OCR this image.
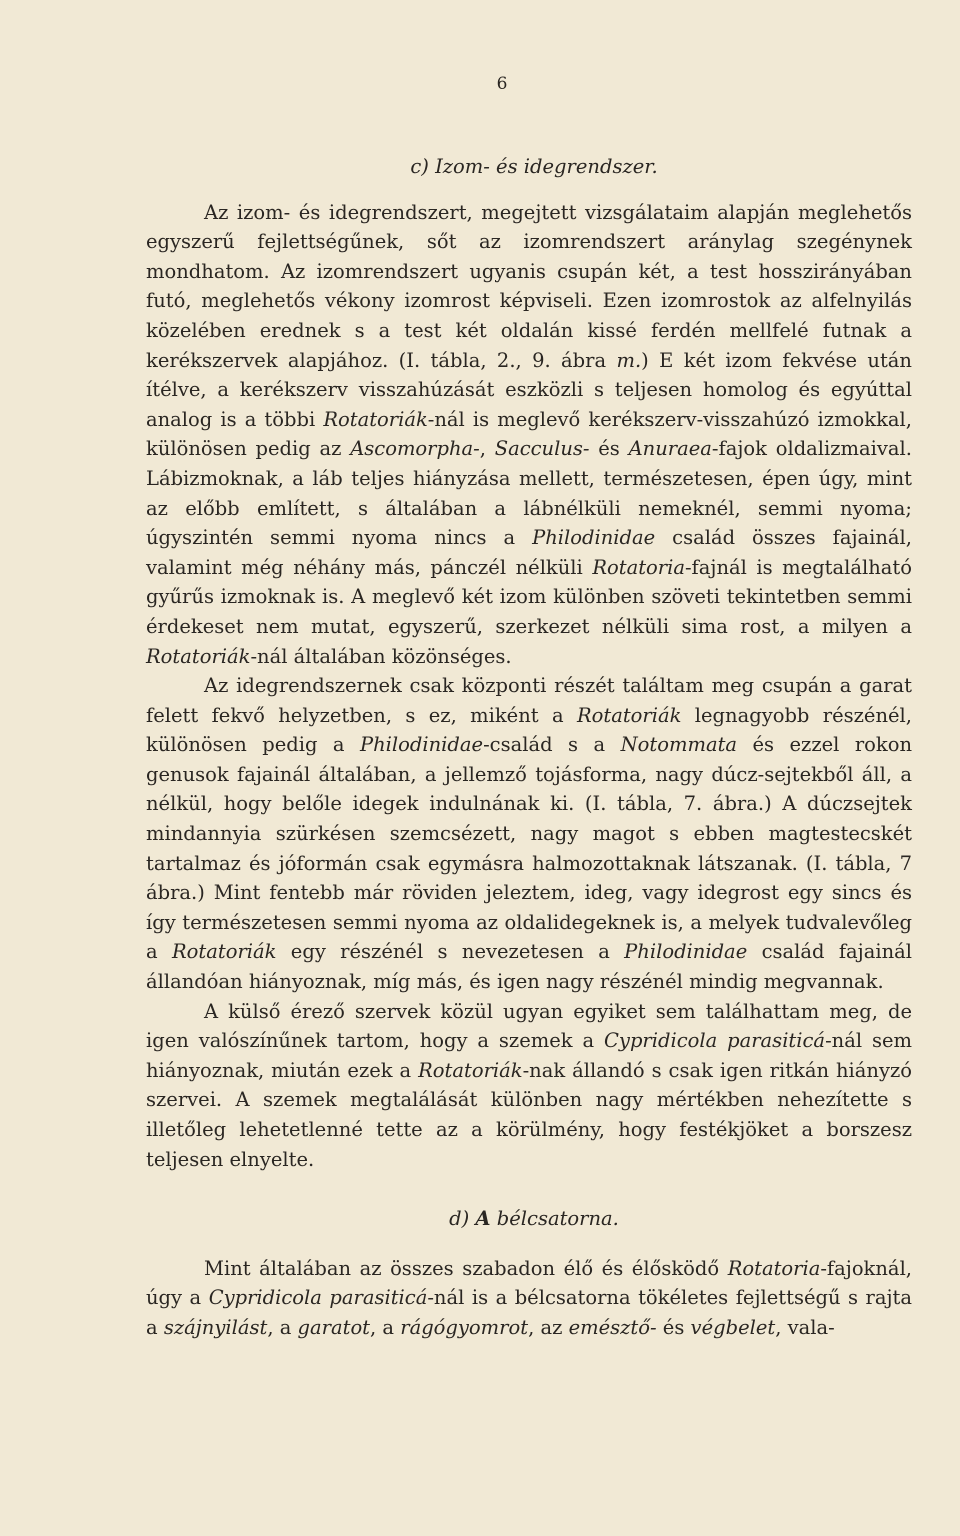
6
c) Izom- és idegrendszer.

Az izom- és idegrendszert, megejtett vizsgálataim alapján meglehetős egyszerű fejlettségűnek, sőt az izomrendszert aránylag szegénynek mondhatom. Az izomrendszert ugyanis csupán két, a test hosszirányában futó, meglehetős vékony izomrost képviseli. Ezen izomrostok az alfelnyilás közelében erednek s a test két oldalán kissé ferdén mellfelé futnak a kerékszervek alapjához. (I. tábla, 2., 9. ábra m.) E két izom fekvése után ítélve, a kerékszerv visszahúzását eszközli s teljesen homolog és egyúttal analog is a többi Rotatoriák-nál is meglevő kerékszerv-visszahúzó izmokkal, különösen pedig az Ascomorpha-, Sacculus- és Anuraea-fajok oldalizmaival. Lábizmoknak, a láb teljes hiányzása mellett, természetesen, épen úgy, mint az előbb említett, s általában a lábnélküli nemeknél, semmi nyoma; úgyszintén semmi nyoma nincs a Philodinidae család összes fajainál, valamint még néhány más, pánczél nélküli Rotatoria-fajnál is megtalálható gyűrűs izmoknak is. A meglevő két izom különben szöveti tekintetben semmi érdekeset nem mutat, egyszerű, szerkezet nélküli sima rost, a milyen a Rotatoriák-nál általában közönséges.

Az idegrendszernek csak központi részét találtam meg csupán a garat felett fekvő helyzetben, s ez, miként a Rotatoriák legnagyobb részénél, különösen pedig a Philodinidae-család s a Notommata és ezzel rokon genusok fajainál általában, a jellemző tojásforma, nagy dúcz-sejtekből áll, a nélkül, hogy belőle idegek indulnának ki. (I. tábla, 7. ábra.) A dúczsejtek mindannyia szürkésen szemcsézett, nagy magot s ebben magtestecskét tartalmaz és jóformán csak egymásra halmozottaknak látszanak. (I. tábla, 7 ábra.) Mint fentebb már röviden jeleztem, ideg, vagy idegrost egy sincs és így természetesen semmi nyoma az oldalidegeknek is, a melyek tudvalevőleg a Rotatoriák egy részénél s nevezetesen a Philodinidae család fajainál állandóan hiányoznak, míg más, és igen nagy részénél mindig megvannak.

A külső érező szervek közül ugyan egyiket sem találhattam meg, de igen valószínűnek tartom, hogy a szemek a Cypridicola parasiticá-nál sem hiányoznak, miután ezek a Rotatoriák-nak állandó s csak igen ritkán hiányzó szervei. A szemek megtalálását különben nagy mértékben nehezítette s illetőleg lehetetlenné tette az a körülmény, hogy festékjöket a borszesz teljesen elnyelte.

d) A bélcsatorna.

Mint általában az összes szabadon élő és élősködő Rotatoria-fajoknál, úgy a Cypridicola parasiticá-nál is a bélcsatorna tökéletes fejlettségű s rajta a szájnyilást, a garatot, a rágógyomrot, az emésztő- és végbelet, vala-
